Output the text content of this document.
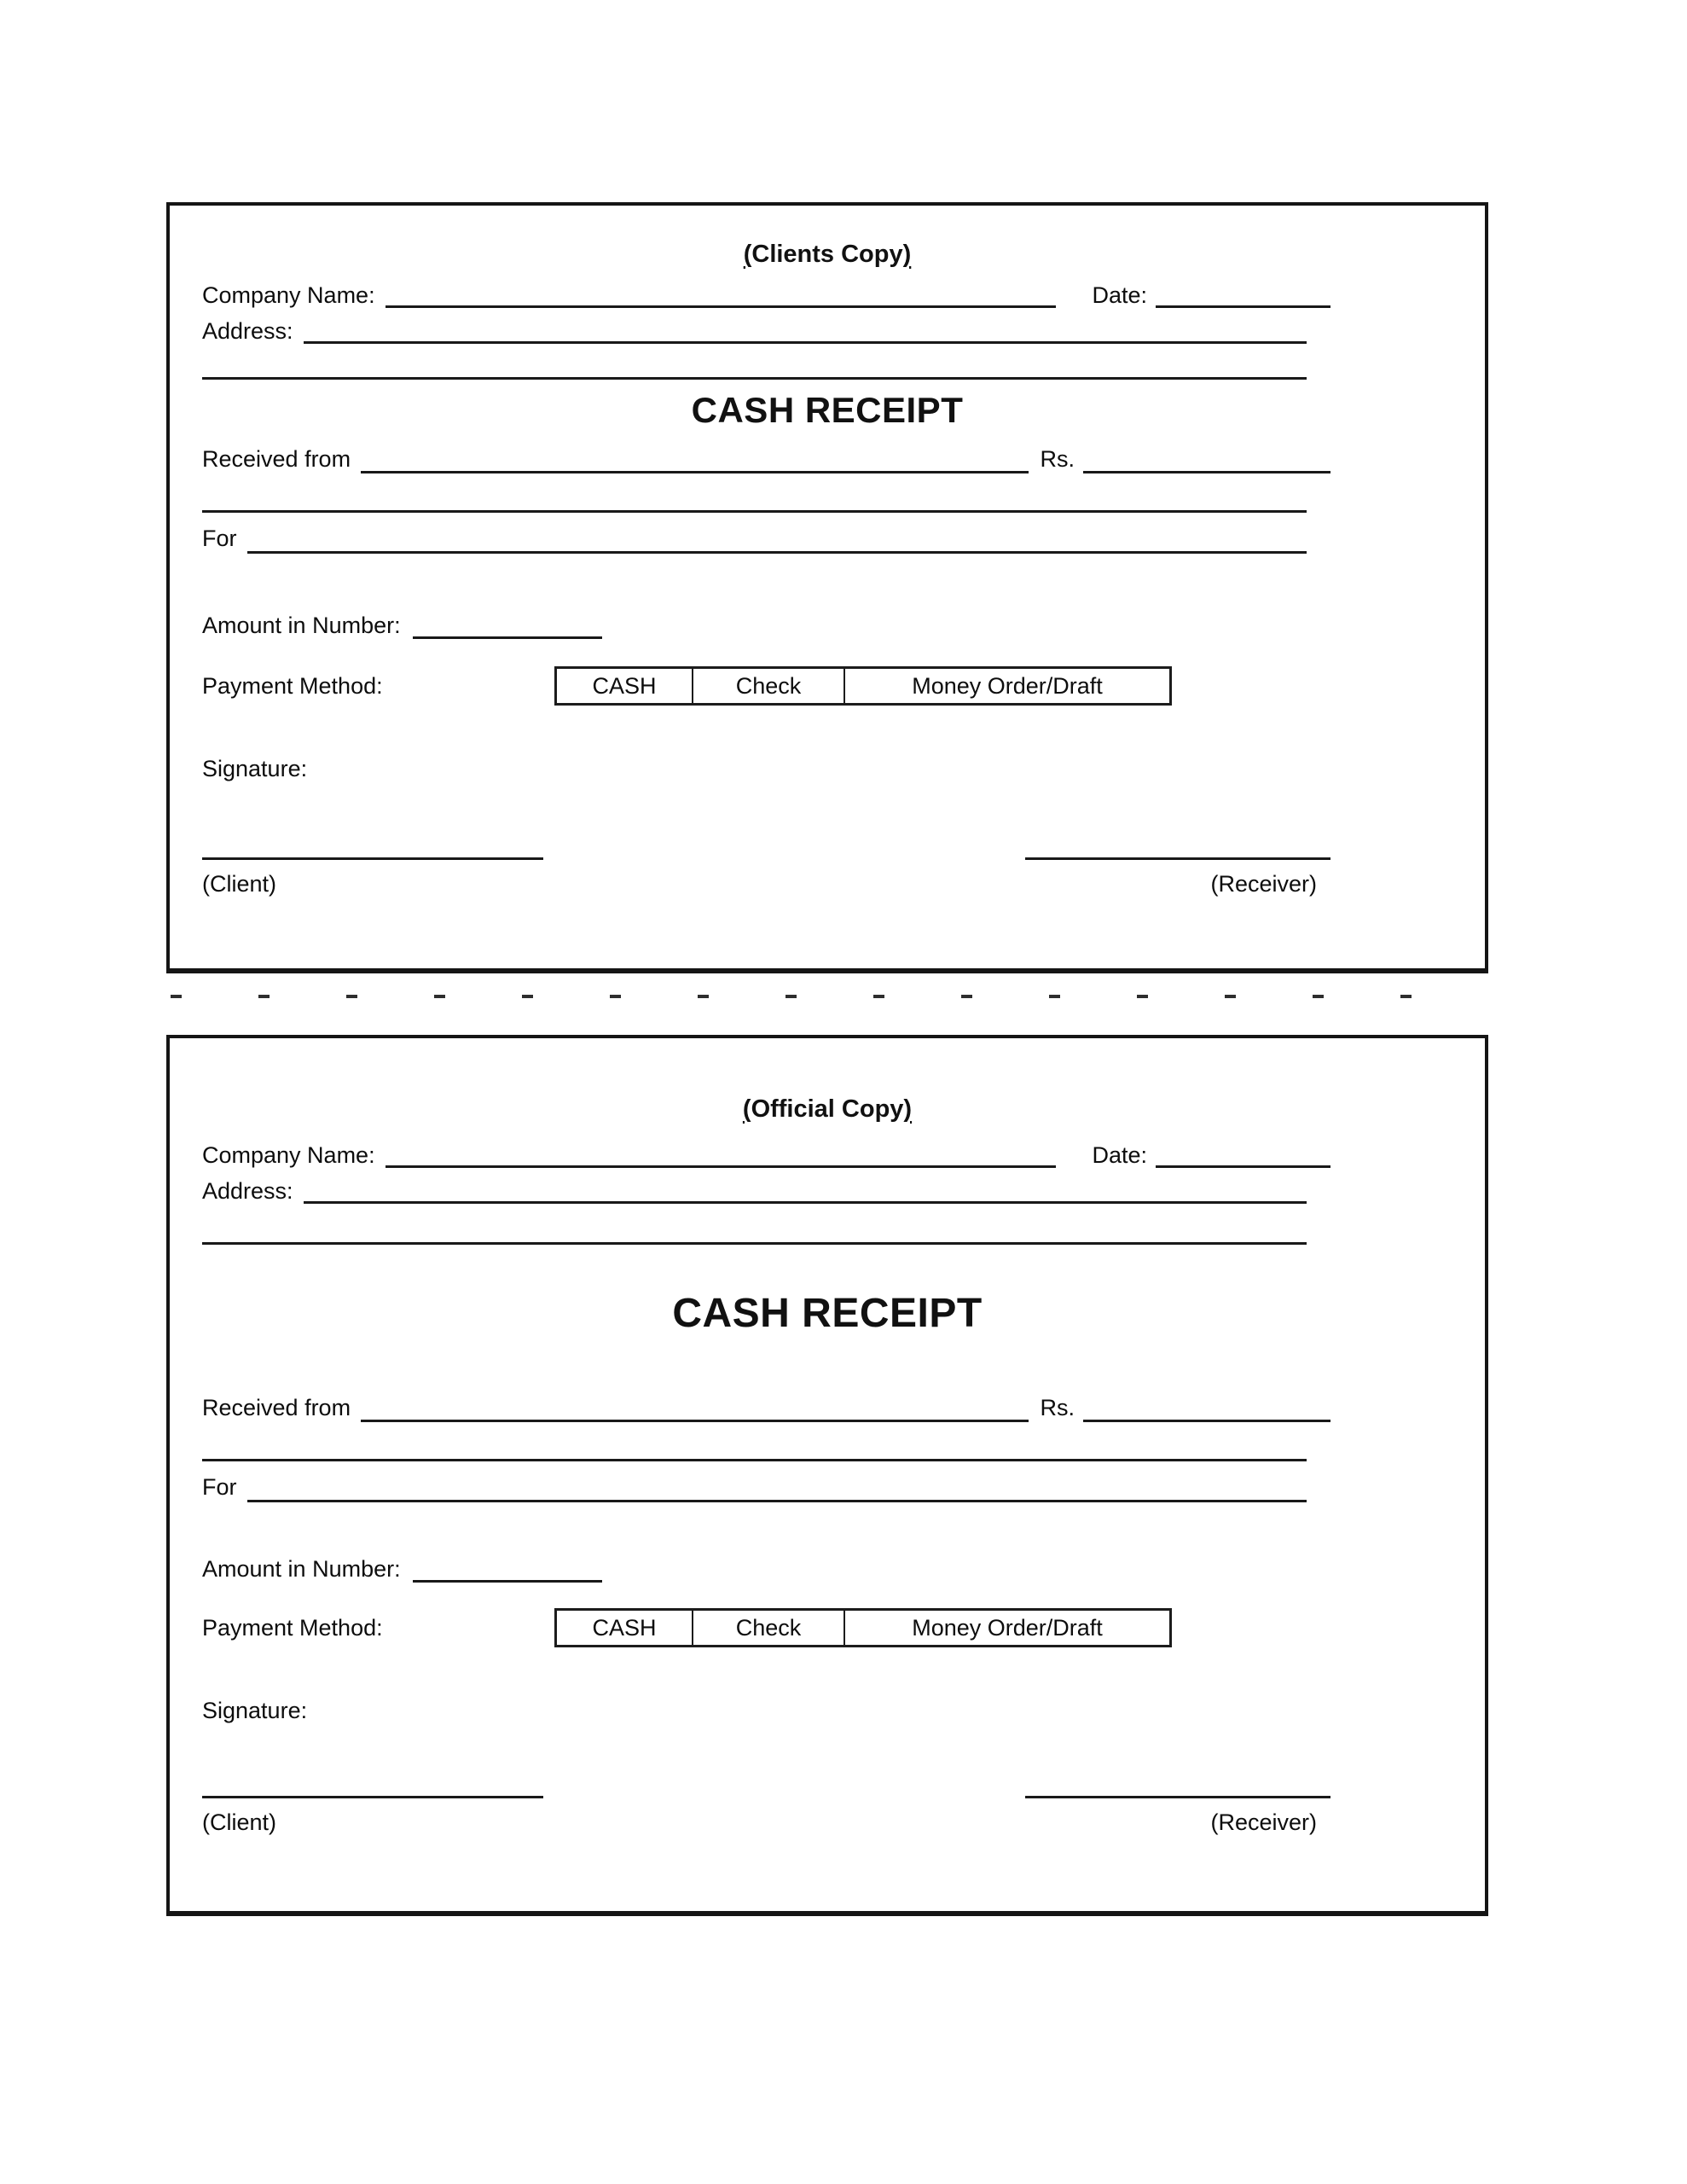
(Clients Copy)
Company Name:	Date:
Address:
CASH RECEIPT
Received from	Rs.
For
Amount in Number:
Payment Method:	CASH	Check	Money Order/Draft
Signature:
(Client)	(Receiver)
(Official Copy)
Company Name:	Date:
Address:
CASH RECEIPT
Received from	Rs.
For
Amount in Number:
Payment Method:	CASH	Check	Money Order/Draft
Signature:
(Client)	(Receiver)
